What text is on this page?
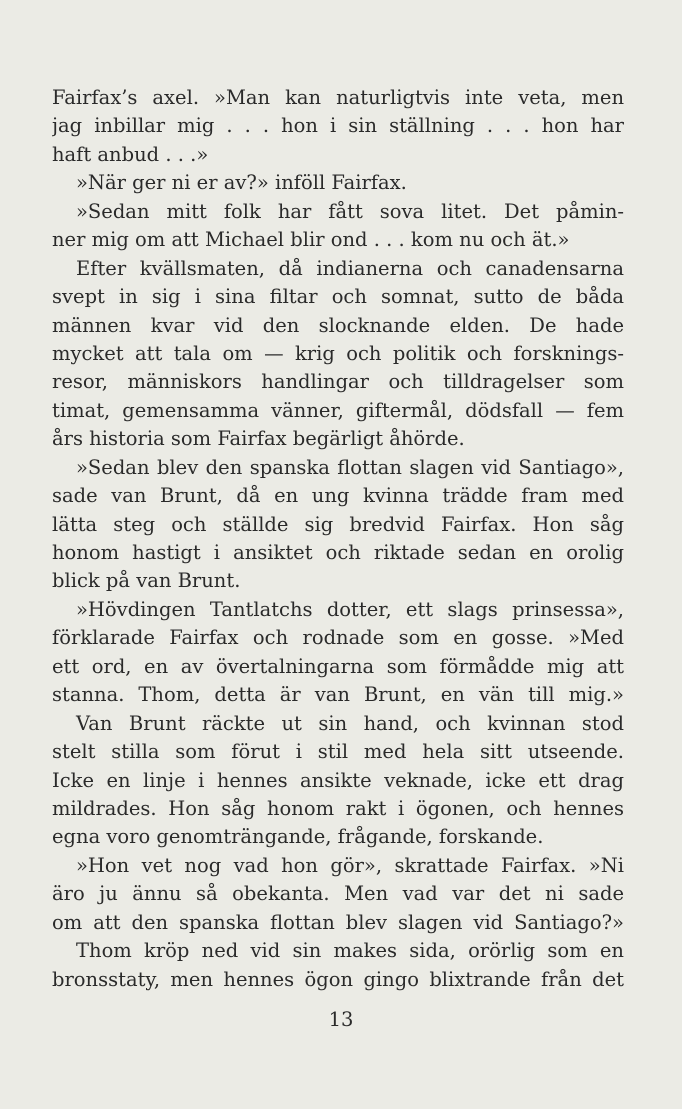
Fairfax’s axel. »Man kan naturligtvis inte veta, men
jag inbillar mig . . . hon i sin ställning . . . hon har
haft anbud . . .»
»När ger ni er av?» inföll Fairfax.
»Sedan mitt folk har fått sova litet. Det påmin-
ner mig om att Michael blir ond . . . kom nu och ät.»
Efter kvällsmaten, då indianerna och canadensarna
svept in sig i sina filtar och somnat, sutto de båda
männen kvar vid den slocknande elden. De hade
mycket att tala om — krig och politik och forsknings-
resor, människors handlingar och tilldragelser som
timat, gemensamma vänner, giftermål, dödsfall — fem
års historia som Fairfax begärligt åhörde.
»Sedan blev den spanska flottan slagen vid Santiago»,
sade van Brunt, då en ung kvinna trädde fram med
lätta steg och ställde sig bredvid Fairfax. Hon såg
honom hastigt i ansiktet och riktade sedan en orolig
blick på van Brunt.
»Hövdingen Tantlatchs dotter, ett slags prinsessa»,
förklarade Fairfax och rodnade som en gosse. »Med
ett ord, en av övertalningarna som förmådde mig att
stanna. Thom, detta är van Brunt, en vän till mig.»
Van Brunt räckte ut sin hand, och kvinnan stod
stelt stilla som förut i stil med hela sitt utseende.
Icke en linje i hennes ansikte veknade, icke ett drag
mildrades. Hon såg honom rakt i ögonen, och hennes
egna voro genomträngande, frågande, forskande.
»Hon vet nog vad hon gör», skrattade Fairfax. »Ni
äro ju ännu så obekanta. Men vad var det ni sade
om att den spanska flottan blev slagen vid Santiago?»
Thom kröp ned vid sin makes sida, orörlig som en
bronsstaty, men hennes ögon gingo blixtrande från det
13
